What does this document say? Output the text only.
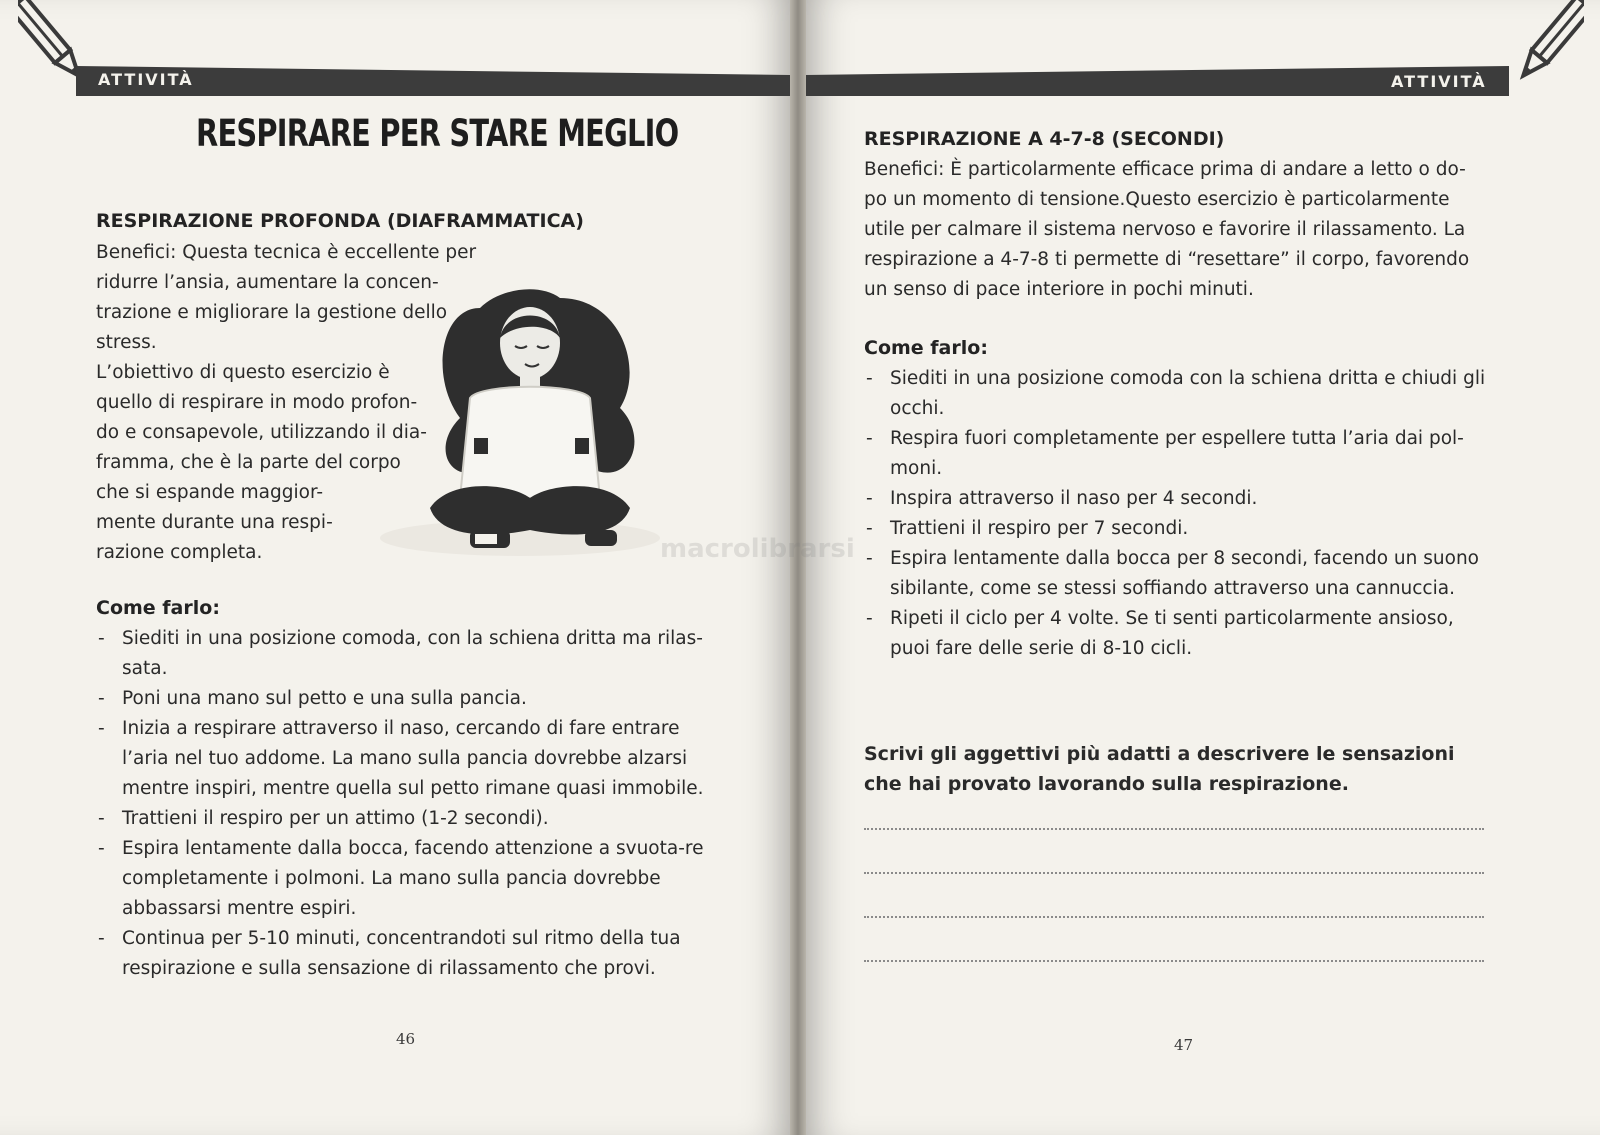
ATTIVITÀ
RESPIRARE PER STARE MEGLIO

RESPIRAZIONE PROFONDA (DIAFRAMMATICA)

Benefici: Questa tecnica è eccellente per

ridurre l’ansia, aumentare la concen-

trazione e migliorare la gestione dello

stress.

L’obiettivo di questo esercizio è

quello di respirare in modo profon-

do e consapevole, utilizzando il dia-

framma, che è la parte del corpo

che si espande maggior-

mente durante una respi-

razione completa.

Come farlo:

- Siediti in una posizione comoda, con la schiena dritta ma rilas-sata.
- Poni una mano sul petto e una sulla pancia.
- Inizia a respirare attraverso il naso, cercando di fare entrare l’aria nel tuo addome. La mano sulla pancia dovrebbe alzarsi mentre inspiri, mentre quella sul petto rimane quasi immobile.
- Trattieni il respiro per un attimo (1-2 secondi).
- Espira lentamente dalla bocca, facendo attenzione a svuota-re completamente i polmoni. La mano sulla pancia dovrebbe abbassarsi mentre espiri.
- Continua per 5-10 minuti, concentrandoti sul ritmo della tua respirazione e sulla sensazione di rilassamento che provi.
46
ATTIVITÀ

RESPIRAZIONE A 4-7-8 (SECONDI)

Benefici: È particolarmente efficace prima di andare a letto o do-po un momento di tensione.Questo esercizio è particolarmente utile per calmare il sistema nervoso e favorire il rilassamento. La respirazione a 4-7-8 ti permette di “resettare” il corpo, favorendo un senso di pace interiore in pochi minuti.

Come farlo:

- Siediti in una posizione comoda con la schiena dritta e chiudi gli occhi.
- Respira fuori completamente per espellere tutta l’aria dai pol-moni.
- Inspira attraverso il naso per 4 secondi.
- Trattieni il respiro per 7 secondi.
- Espira lentamente dalla bocca per 8 secondi, facendo un suono sibilante, come se stessi soffiando attraverso una cannuccia.
- Ripeti il ciclo per 4 volte. Se ti senti particolarmente ansioso, puoi fare delle serie di 8-10 cicli.

Scrivi gli aggettivi più adatti a descrivere le sensazioni che hai provato lavorando sulla respirazione.

47
macrolibrarsi
